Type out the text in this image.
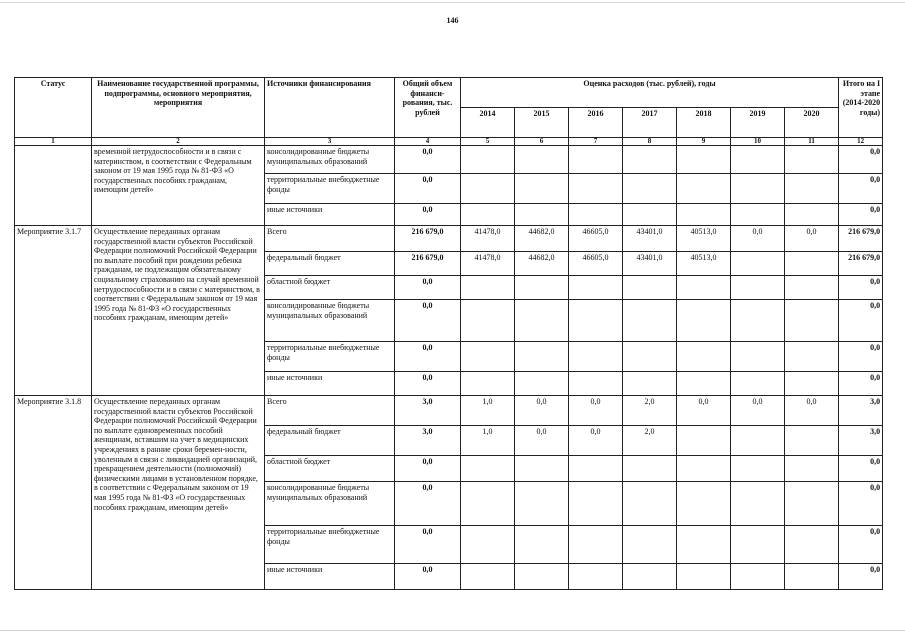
146
Статус	Наименование государственной программы, подпрограммы, основного мероприятия, мероприятия	Источники финансирования	Общий объем финанси-рования, тыс. рублей	Оценка расходов (тыс. рублей), годы							Итого на I этапе (2014-2020 годы)
				2014	2015	2016	2017	2018	2019	2020	
1	2	3	4	5	6	7	8	9	10	11	12
	временной нетрудоспособности и в связи с материнством, в соответствии с Федеральным законом от 19 мая 1995 года № 81-ФЗ «О государственных пособиях гражданам, имеющим детей»	консолидированные бюджеты муниципальных образований	0,0								0,0
		территориальные внебюджетные фонды	0,0								0,0
		иные источники	0,0								0,0
Мероприятие 3.1.7	Осуществление переданных органам государственной власти субъектов Российской Федерации полномочий Российской Федерации по выплате пособий при рождении ребенка гражданам, не подлежащим обязательному социальному страхованию на случай временной нетрудоспособности и в связи с материнством, в соответствии с Федеральным законом от 19 мая 1995 года № 81-ФЗ «О государственных пособиях гражданам, имеющим детей»	Всего	216 679,0	41478,0	44682,0	46605,0	43401,0	40513,0	0,0	0,0	216 679,0
		федеральный бюджет	216 679,0	41478,0	44682,0	46605,0	43401,0	40513,0			216 679,0
		областной бюджет	0,0								0,0
		консолидированные бюджеты муниципальных образований	0,0								0,0
		территориальные внебюджетные фонды	0,0								0,0
		иные источники	0,0								0,0
Мероприятие 3.1.8	Осуществление переданных органам государственной власти субъектов Российской Федерации полномочий Российской Федерации по выплате единовременных пособий женщинам, вставшим на учет в медицинских учреждениях в ранние сроки беремен-ности, уволенным в связи с ликвидацией организаций, прекращением деятельности (полномочий) физическими лицами в установленном порядке, в соответствии с Федеральным законом от 19 мая 1995 года № 81-ФЗ «О государственных пособиях гражданам, имеющим детей»	Всего	3,0	1,0	0,0	0,0	2,0	0,0	0,0	0,0	3,0
		федеральный бюджет	3,0	1,0	0,0	0,0	2,0				3,0
		областной бюджет	0,0								0,0
		консолидированные бюджеты муниципальных образований	0,0								0,0
		территориальные внебюджетные фонды	0,0								0,0
		иные источники	0,0								0,0
